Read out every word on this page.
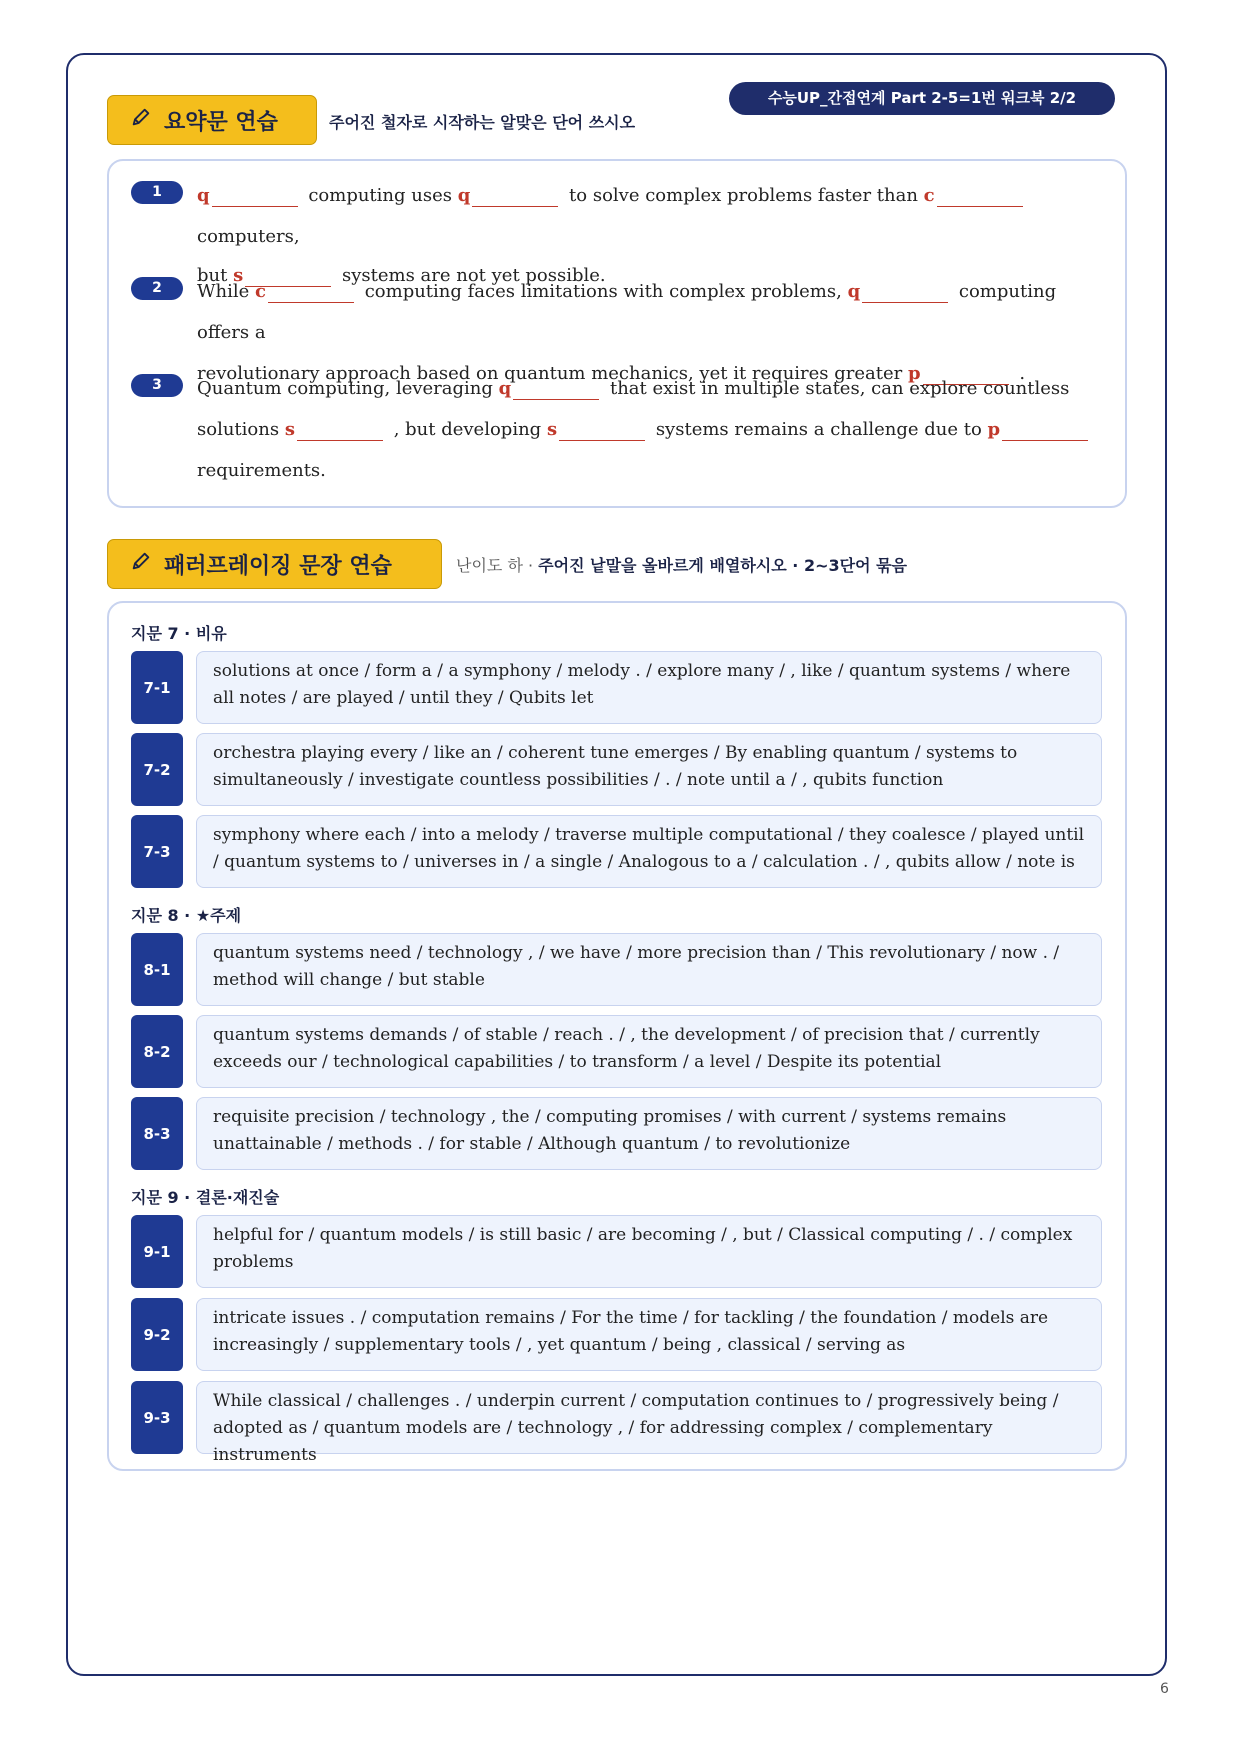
수능UP_간접연계 Part 2-5=1번 워크북 2/2
요약문 연습	주어진 철자로 시작하는 알맞은 단어 쓰시오
1	q	computing uses q	to solve complex problems faster than c computers,
but s	systems are not yet possible.
2	While c	computing faces limitations with complex problems, q	computing offers a
revolutionary approach based on quantum mechanics, yet it requires greater p	.
3	Quantum computing, leveraging q	that exist in multiple states, can explore countless
solutions s	, but developing s	systems remains a challenge due to p
requirements.
패러프레이징 문장 연습	난이도 하 · 주어진 낱말을 올바르게 배열하시오 · 2~3단어 묶음
지문 7 · 비유
7-1
solutions at once / form a / a symphony / melody . / explore many / , like / quantum systems / where all notes / are played / until they / Qubits let
7-2
orchestra playing every / like an / coherent tune emerges / By enabling quantum / systems to simultaneously / investigate countless possibilities / . / note until a / , qubits function
7-3
symphony where each / into a melody / traverse multiple computational / they coalesce / played until / quantum systems to / universes in / a single / Analogous to a / calculation . / , qubits allow / note is
지문 8 · ★주제
8-1
quantum systems need / technology , / we have / more precision than / This revolutionary / now . / method will change / but stable
8-2
quantum systems demands / of stable / reach . / , the development / of precision that / currently exceeds our / technological capabilities / to transform / a level / Despite its potential
8-3
requisite precision / technology , the / computing promises / with current / systems remains unattainable / methods . / for stable / Although quantum / to revolutionize
지문 9 · 결론·재진술
9-1
helpful for / quantum models / is still basic / are becoming / , but / Classical computing / . / complex problems
9-2
intricate issues . / computation remains / For the time / for tackling / the foundation / models are increasingly / supplementary tools / , yet quantum / being , classical / serving as
9-3
While classical / challenges . / underpin current / computation continues to / progressively being / adopted as / quantum models are / technology , / for addressing complex / complementary instruments
6
